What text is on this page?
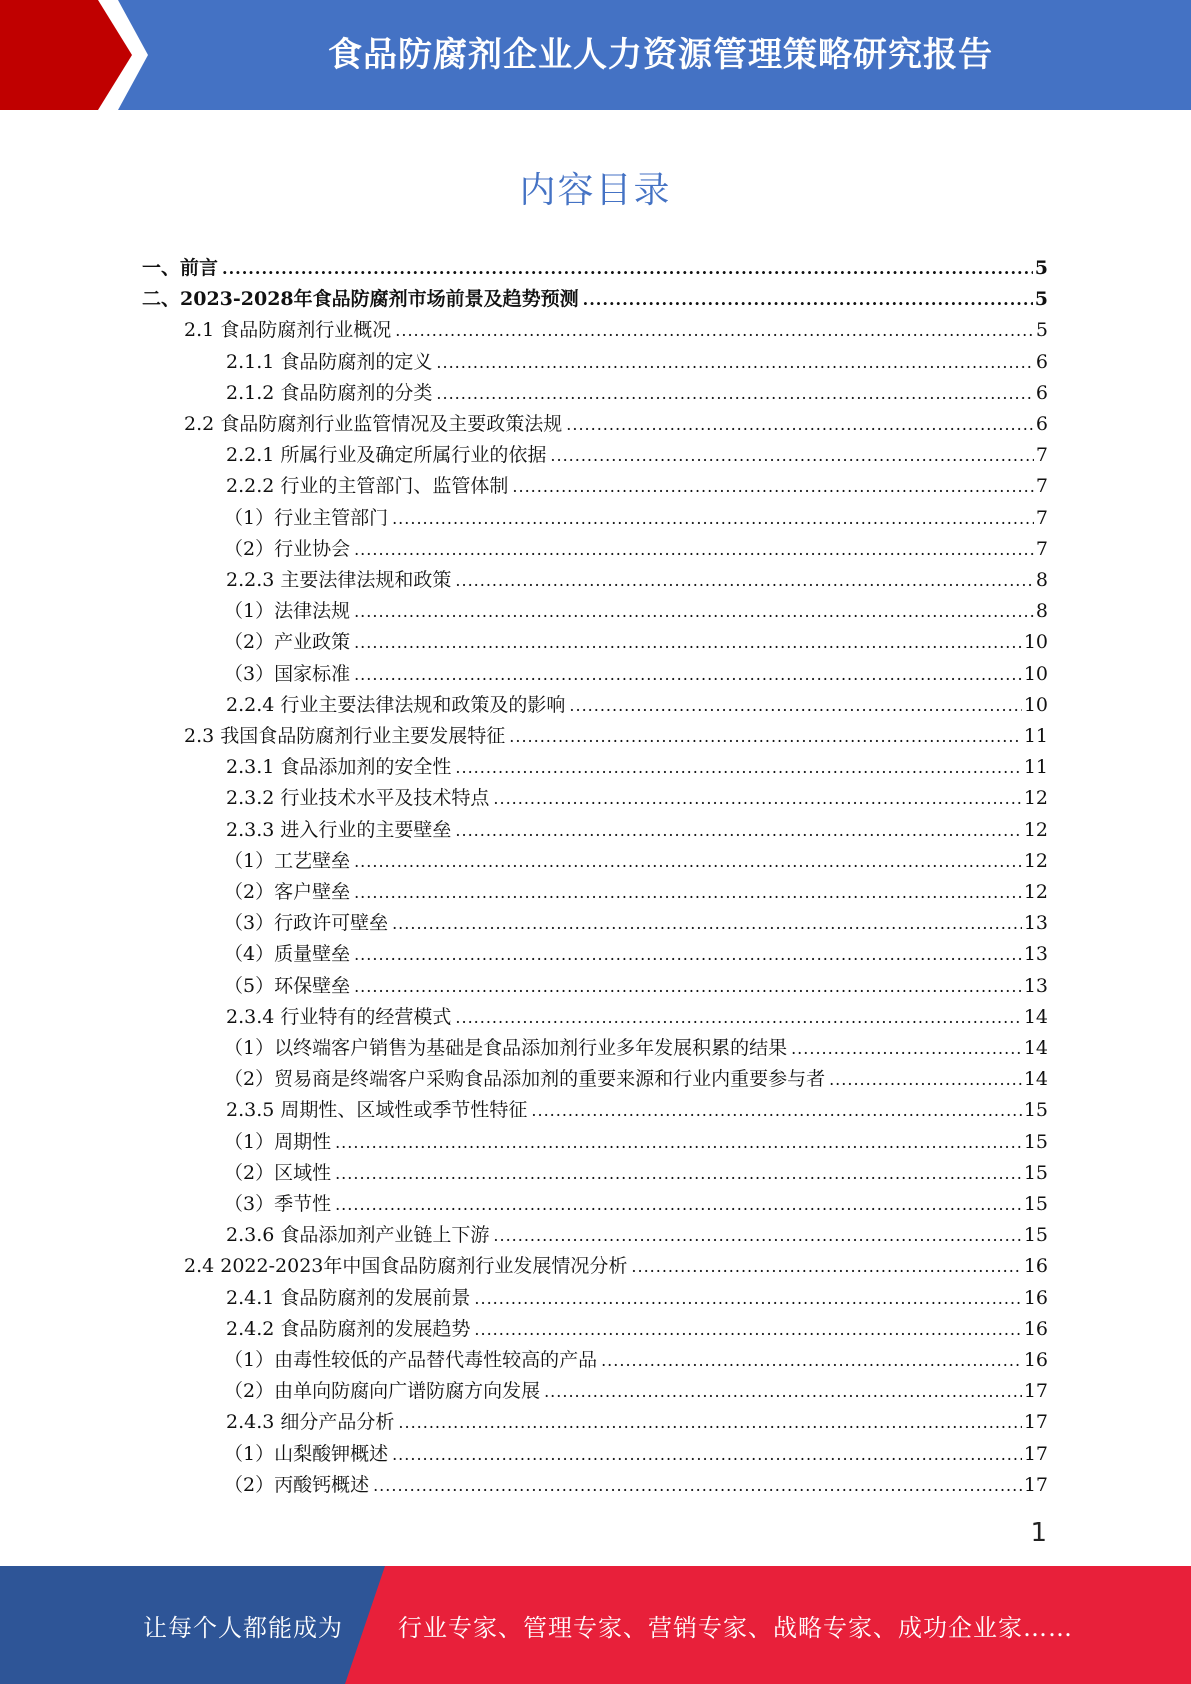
食品防腐剂企业人力资源管理策略研究报告
内容目录
一、前言 .....	5
二、2023-2028年食品防腐剂市场前景及趋势预测 .....	5
2.1 食品防腐剂行业概况 .....	5
2.1.1 食品防腐剂的定义 .....	6
2.1.2 食品防腐剂的分类 .....	6
2.2 食品防腐剂行业监管情况及主要政策法规 .....	6
2.2.1 所属行业及确定所属行业的依据 .....	7
2.2.2 行业的主管部门、监管体制 .....	7
（1）行业主管部门 .....	7
（2）行业协会 .....	7
2.2.3 主要法律法规和政策 .....	8
（1）法律法规 .....	8
（2）产业政策 .....	10
（3）国家标准 .....	10
2.2.4 行业主要法律法规和政策及的影响 .....	10
2.3 我国食品防腐剂行业主要发展特征 .....	11
2.3.1 食品添加剂的安全性 .....	11
2.3.2 行业技术水平及技术特点 .....	12
2.3.3 进入行业的主要壁垒 .....	12
（1）工艺壁垒 .....	12
（2）客户壁垒 .....	12
（3）行政许可壁垒 .....	13
（4）质量壁垒 .....	13
（5）环保壁垒 .....	13
2.3.4 行业特有的经营模式 .....	14
（1）以终端客户销售为基础是食品添加剂行业多年发展积累的结果 .....	14
（2）贸易商是终端客户采购食品添加剂的重要来源和行业内重要参与者 .....	14
2.3.5 周期性、区域性或季节性特征 .....	15
（1）周期性 .....	15
（2）区域性 .....	15
（3）季节性 .....	15
2.3.6 食品添加剂产业链上下游 .....	15
2.4 2022-2023年中国食品防腐剂行业发展情况分析 .....	16
2.4.1 食品防腐剂的发展前景 .....	16
2.4.2 食品防腐剂的发展趋势 .....	16
（1）由毒性较低的产品替代毒性较高的产品 .....	16
（2）由单向防腐向广谱防腐方向发展 .....	17
2.4.3 细分产品分析 .....	17
（1）山梨酸钾概述 .....	17
（2）丙酸钙概述 .....	17
1
让每个人都能成为 行业专家、管理专家、营销专家、战略专家、成功企业家……
